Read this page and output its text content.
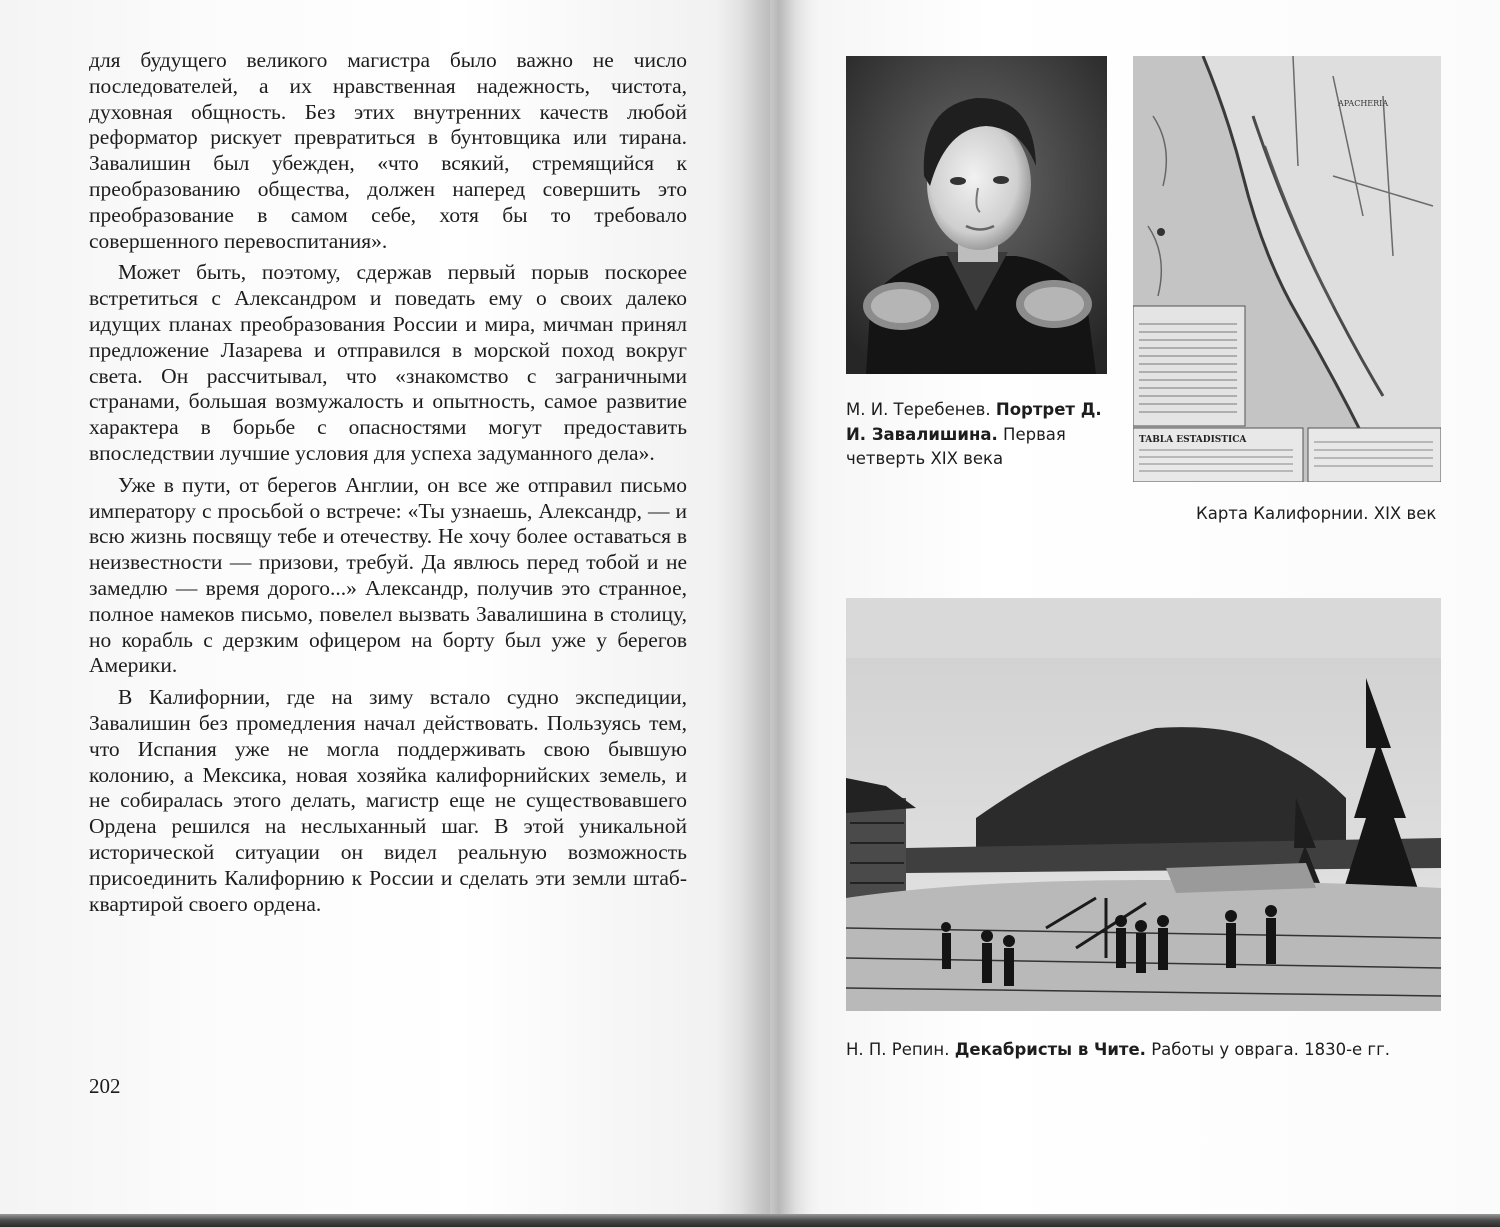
для будущего великого магистра было важно не число последователей, а их нравственная надежность, чистота, духовная общность. Без этих внутренних качеств любой реформатор рискует превратиться в бунтовщика или тирана. Завалишин был убежден, «что всякий, стремящийся к преобразованию общества, должен наперед совершить это преобразование в самом себе, хотя бы то требовало совершенного перевоспитания».

Может быть, поэтому, сдержав первый порыв поскорее встретиться с Александром и поведать ему о своих далеко идущих планах преобразования России и мира, мичман принял предложение Лазарева и отправился в морской поход вокруг света. Он рассчитывал, что «знакомство с заграничными странами, большая возмужалость и опытность, самое развитие характера в борьбе с опасностями могут предоставить впоследствии лучшие условия для успеха задуманного дела».

Уже в пути, от берегов Англии, он все же отправил письмо императору с просьбой о встрече: «Ты узнаешь, Александр, — и всю жизнь посвящу тебе и отечеству. Не хочу более оставаться в неизвестности — призови, требуй. Да явлюсь перед тобой и не замедлю — время дорого...» Александр, получив это странное, полное намеков письмо, повелел вызвать Завалишина в столицу, но корабль с дерзким офицером на борту был уже у берегов Америки.

В Калифорнии, где на зиму встало судно экспедиции, Завалишин без промедления начал действовать. Пользуясь тем, что Испания уже не могла поддерживать свою бывшую колонию, а Мексика, новая хозяйка калифорнийских земель, и не собиралась этого делать, магистр еще не существовавшего Ордена решился на неслыханный шаг. В этой уникальной исторической ситуации он видел реальную возможность присоединить Калифорнию к России и сделать эти земли штаб-квартирой своего ордена.

202
М. И. Теребенев. Портрет Д. И. Завалишина. Первая четверть XIX века
APACHERIA
TABLA ESTADISTICA
Карта Калифорнии. XIX век
Н. П. Репин. Декабристы в Чите. Работы у оврага. 1830-е гг.
